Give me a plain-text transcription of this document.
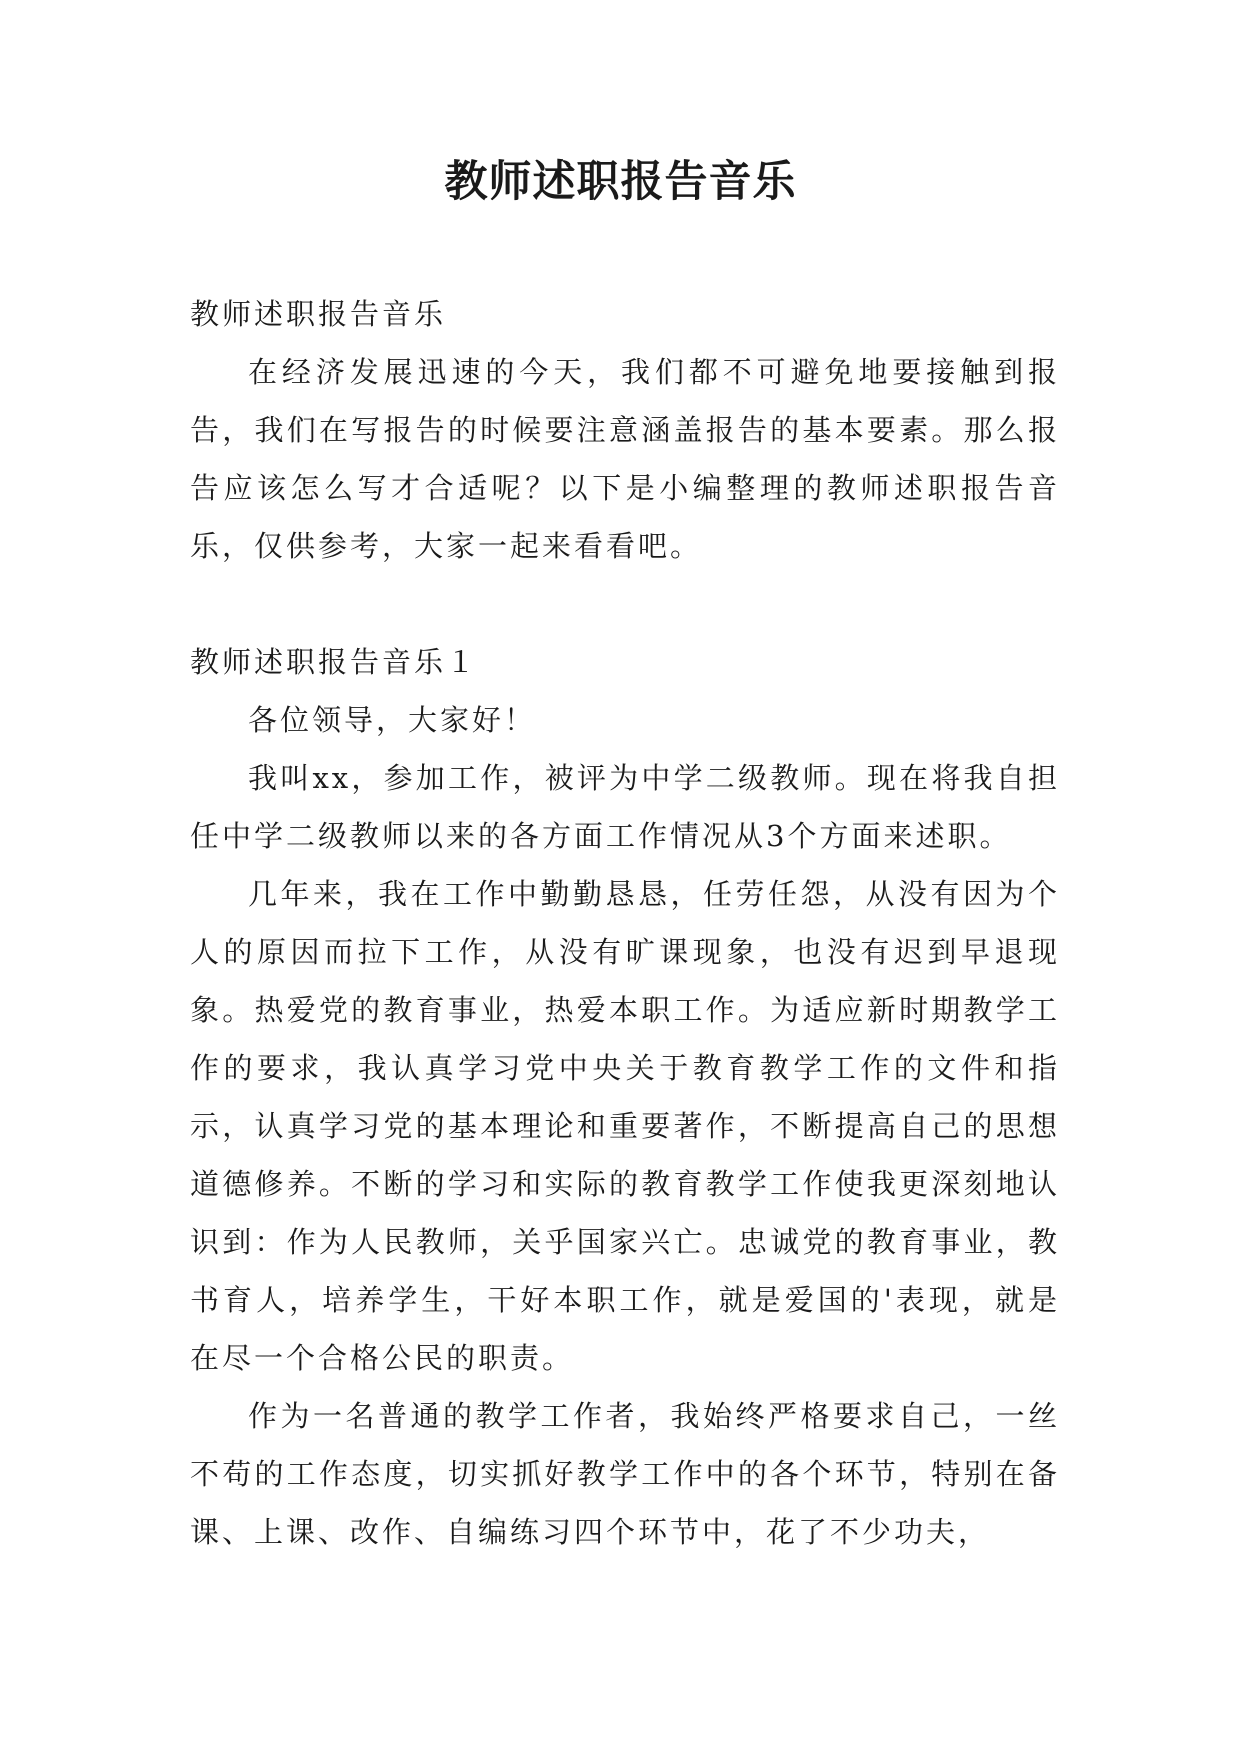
教师述职报告音乐

教师述职报告音乐

在经济发展迅速的今天，我们都不可避免地要接触到报告，我们在写报告的时候要注意涵盖报告的基本要素。那么报告应该怎么写才合适呢？以下是小编整理的教师述职报告音乐，仅供参考，大家一起来看看吧。

教师述职报告音乐１

各位领导，大家好！

我叫xx，参加工作，被评为中学二级教师。现在将我自担任中学二级教师以来的各方面工作情况从3个方面来述职。

几年来，我在工作中勤勤恳恳，任劳任怨，从没有因为个人的原因而拉下工作，从没有旷课现象，也没有迟到早退现象。热爱党的教育事业，热爱本职工作。为适应新时期教学工作的要求，我认真学习党中央关于教育教学工作的文件和指示，认真学习党的基本理论和重要著作，不断提高自己的思想道德修养。不断的学习和实际的教育教学工作使我更深刻地认识到：作为人民教师，关乎国家兴亡。忠诚党的教育事业，教书育人，培养学生，干好本职工作，就是爱国的'表现，就是在尽一个合格公民的职责。

作为一名普通的教学工作者，我始终严格要求自己，一丝不苟的工作态度，切实抓好教学工作中的各个环节，特别在备课、上课、改作、自编练习四个环节中，花了不少功夫，
